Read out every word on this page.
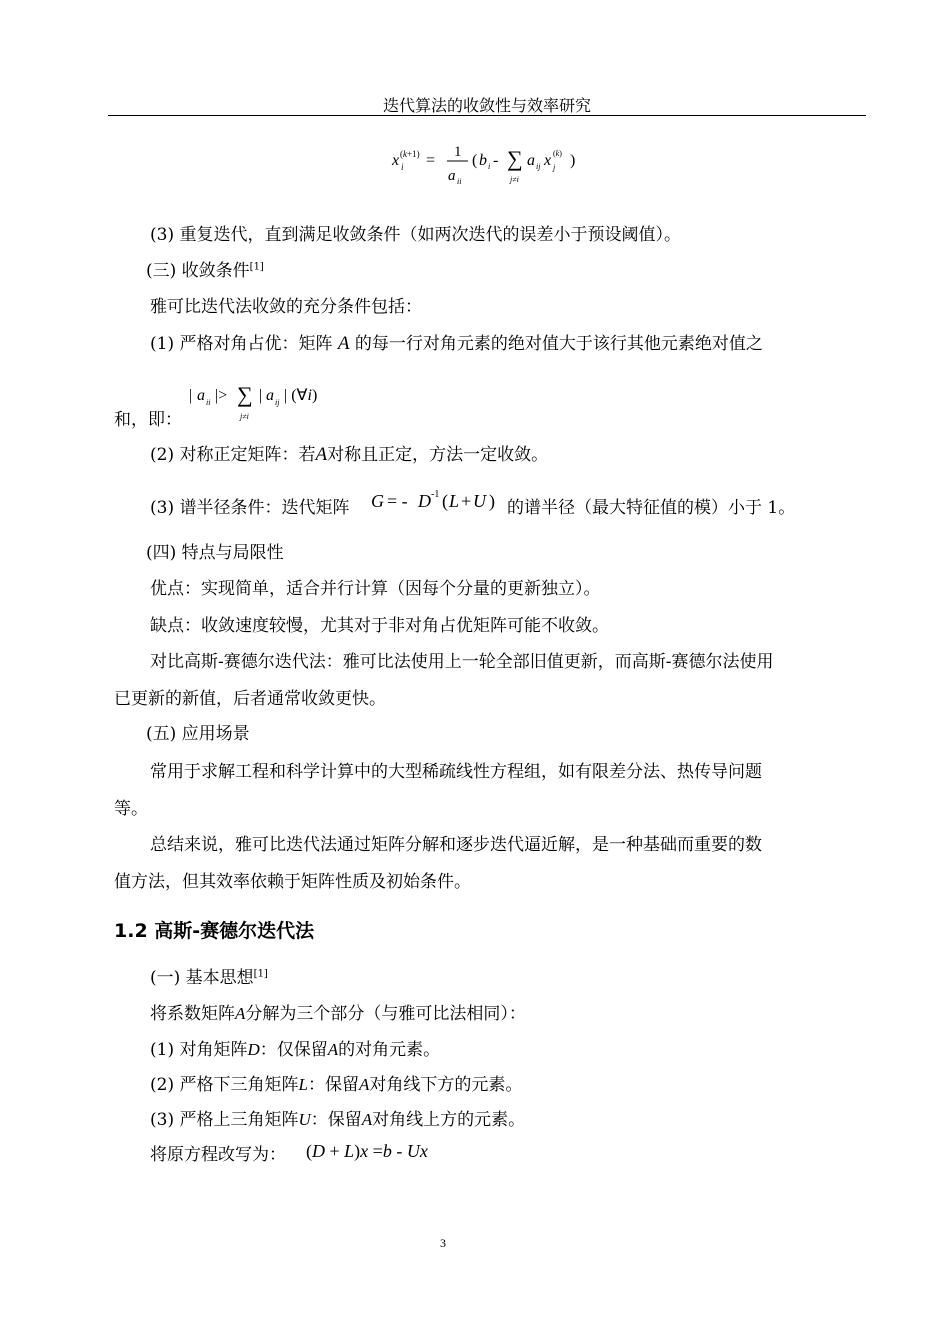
迭代算法的收敛性与效率研究
x i
(k+1) = 1
a ii
( b i - ∑
j≠i
a ij x j
(k) )
(3) 重复迭代，直到满足收敛条件（如两次迭代的误差小于预设阈值）。
(三) 收敛条件[1]
雅可比迭代法收敛的充分条件包括：
(1) 严格对角占优：矩阵 A 的每一行对角元素的绝对值大于该行其他元素绝对值之
和，即：
| a ii |> ∑
j≠i
| a ij | (∀i)
(2) 对称正定矩阵：若A对称且正定，方法一定收敛。
(3) 谱半径条件：迭代矩阵 G = - D -1 ( L + U ) 的谱半径（最大特征值的模）小于 1。
(四) 特点与局限性
优点：实现简单，适合并行计算（因每个分量的更新独立）。
缺点：收敛速度较慢，尤其对于非对角占优矩阵可能不收敛。
对比高斯-赛德尔迭代法：雅可比法使用上一轮全部旧值更新，而高斯-赛德尔法使用
已更新的新值，后者通常收敛更快。
(五) 应用场景
常用于求解工程和科学计算中的大型稀疏线性方程组，如有限差分法、热传导问题
等。
总结来说，雅可比迭代法通过矩阵分解和逐步迭代逼近解，是一种基础而重要的数
值方法，但其效率依赖于矩阵性质及初始条件。
1.2 高斯-赛德尔迭代法
(一) 基本思想[1]
将系数矩阵A分解为三个部分（与雅可比法相同）：
(1) 对角矩阵D：仅保留A的对角元素。
(2) 严格下三角矩阵L：保留A对角线下方的元素。
(3) 严格上三角矩阵U：保留A对角线上方的元素。
将原方程改写为： (D + L)x =b - Ux
3
